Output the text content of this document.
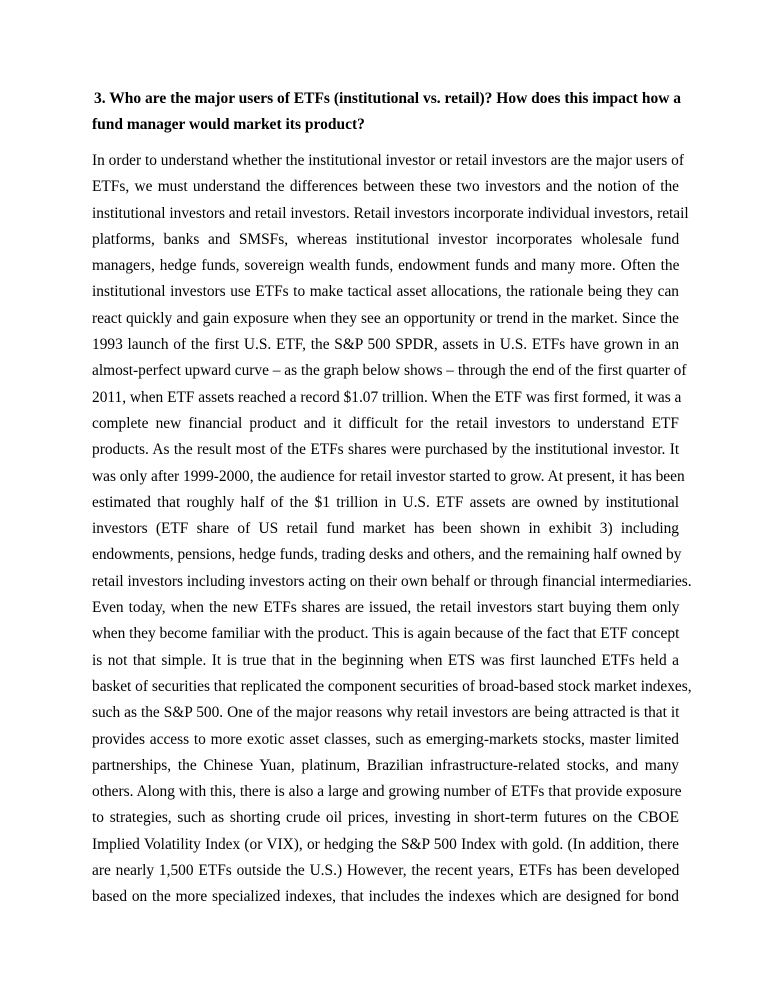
3. Who are the major users of ETFs (institutional vs. retail)? How does this impact how a
fund manager would market its product?

In order to understand whether the institutional investor or retail investors are the major users of
ETFs, we must understand the differences between these two investors and the notion of the
institutional investors and retail investors. Retail investors incorporate individual investors, retail
platforms, banks and SMSFs, whereas institutional investor incorporates wholesale fund
managers, hedge funds, sovereign wealth funds, endowment funds and many more. Often the
institutional investors use ETFs to make tactical asset allocations, the rationale being they can
react quickly and gain exposure when they see an opportunity or trend in the market. Since the
1993 launch of the first U.S. ETF, the S&P 500 SPDR, assets in U.S. ETFs have grown in an
almost-perfect upward curve – as the graph below shows – through the end of the first quarter of
2011, when ETF assets reached a record $1.07 trillion. When the ETF was first formed, it was a
complete new financial product and it difficult for the retail investors to understand ETF
products. As the result most of the ETFs shares were purchased by the institutional investor. It
was only after 1999-2000, the audience for retail investor started to grow. At present, it has been
estimated that roughly half of the $1 trillion in U.S. ETF assets are owned by institutional
investors (ETF share of US retail fund market has been shown in exhibit 3) including
endowments, pensions, hedge funds, trading desks and others, and the remaining half owned by
retail investors including investors acting on their own behalf or through financial intermediaries.
Even today, when the new ETFs shares are issued, the retail investors start buying them only
when they become familiar with the product. This is again because of the fact that ETF concept
is not that simple. It is true that in the beginning when ETS was first launched ETFs held a
basket of securities that replicated the component securities of broad-based stock market indexes,
such as the S&P 500. One of the major reasons why retail investors are being attracted is that it
provides access to more exotic asset classes, such as emerging-markets stocks, master limited
partnerships, the Chinese Yuan, platinum, Brazilian infrastructure-related stocks, and many
others. Along with this, there is also a large and growing number of ETFs that provide exposure
to strategies, such as shorting crude oil prices, investing in short-term futures on the CBOE
Implied Volatility Index (or VIX), or hedging the S&P 500 Index with gold. (In addition, there
are nearly 1,500 ETFs outside the U.S.) However, the recent years, ETFs has been developed
based on the more specialized indexes, that includes the indexes which are designed for bond
